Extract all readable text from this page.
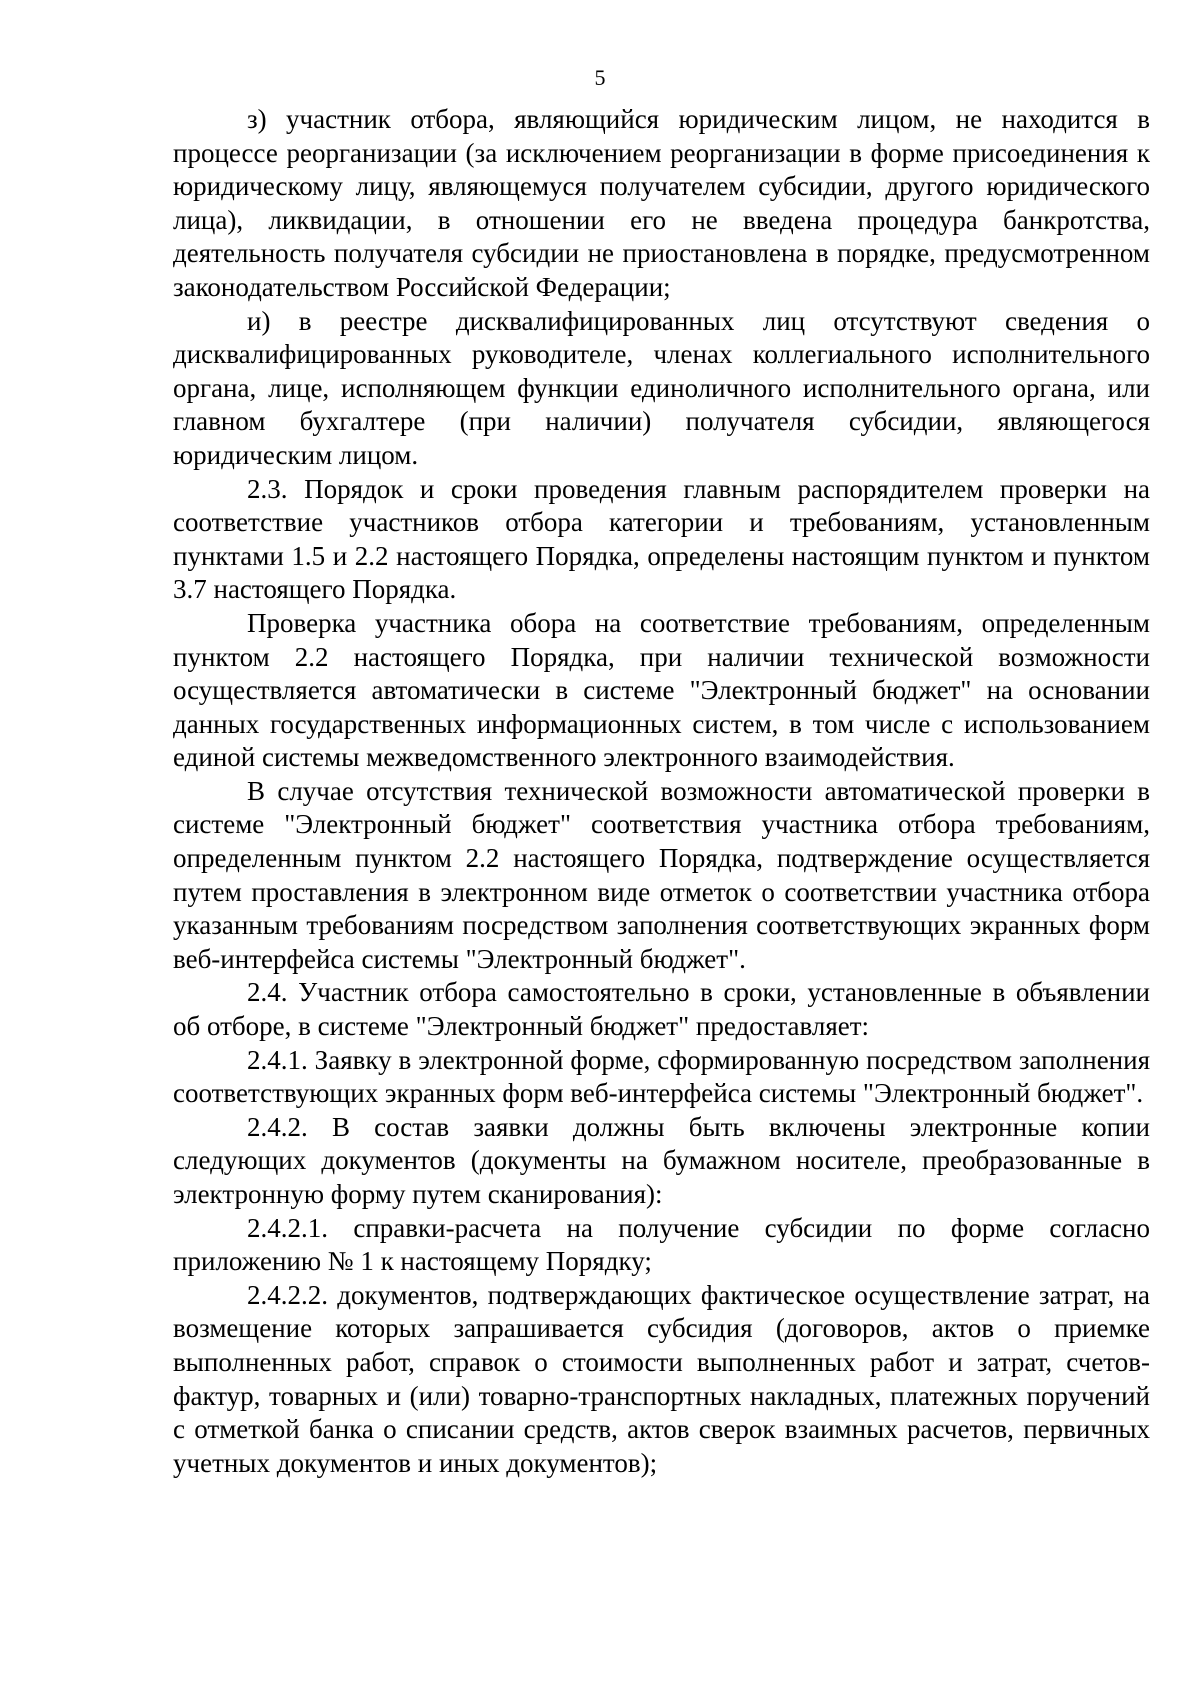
5

з) участник отбора, являющийся юридическим лицом, не находится в процессе реорганизации (за исключением реорганизации в форме присоединения к юридическому лицу, являющемуся получателем субсидии, другого юридического лица), ликвидации, в отношении его не введена процедура банкротства, деятельность получателя субсидии не приостановлена в порядке, предусмотренном законодательством Российской Федерации;

и) в реестре дисквалифицированных лиц отсутствуют сведения о дисквалифицированных руководителе, членах коллегиального исполнительного органа, лице, исполняющем функции единоличного исполнительного органа, или главном бухгалтере (при наличии) получателя субсидии, являющегося юридическим лицом.

2.3. Порядок и сроки проведения главным распорядителем проверки на соответствие участников отбора категории и требованиям, установленным пунктами 1.5 и 2.2 настоящего Порядка, определены настоящим пунктом и пунктом 3.7 настоящего Порядка.

Проверка участника обора на соответствие требованиям, определенным пунктом 2.2 настоящего Порядка, при наличии технической возможности осуществляется автоматически в системе "Электронный бюджет" на основании данных государственных информационных систем, в том числе с использованием единой системы межведомственного электронного взаимодействия.

В случае отсутствия технической возможности автоматической проверки в системе "Электронный бюджет" соответствия участника отбора требованиям, определенным пунктом 2.2 настоящего Порядка, подтверждение осуществляется путем проставления в электронном виде отметок о соответствии участника отбора указанным требованиям посредством заполнения соответствующих экранных форм веб-интерфейса системы "Электронный бюджет".

2.4. Участник отбора самостоятельно в сроки, установленные в объявлении об отборе, в системе "Электронный бюджет" предоставляет:

2.4.1. Заявку в электронной форме, сформированную посредством заполнения соответствующих экранных форм веб-интерфейса системы "Электронный бюджет".

2.4.2. В состав заявки должны быть включены электронные копии следующих документов (документы на бумажном носителе, преобразованные в электронную форму путем сканирования):

2.4.2.1. справки-расчета на получение субсидии по форме согласно приложению № 1 к настоящему Порядку;

2.4.2.2. документов, подтверждающих фактическое осуществление затрат, на возмещение которых запрашивается субсидия (договоров, актов о приемке выполненных работ, справок о стоимости выполненных работ и затрат, счетов-фактур, товарных и (или) товарно-транспортных накладных, платежных поручений с отметкой банка о списании средств, актов сверок взаимных расчетов, первичных учетных документов и иных документов);
